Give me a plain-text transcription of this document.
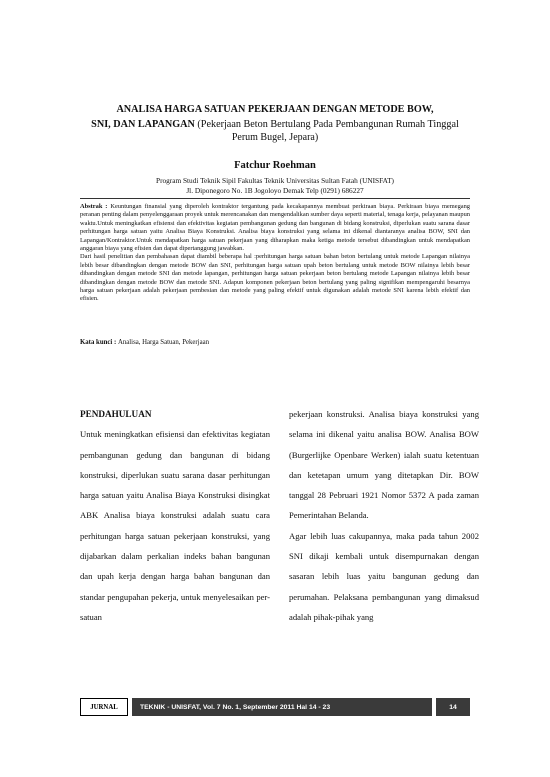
ANALISA HARGA SATUAN PEKERJAAN DENGAN METODE BOW,
SNI, DAN LAPANGAN (Pekerjaan Beton Bertulang Pada Pembangunan Rumah Tinggal
Perum Bugel, Jepara)
Fatchur Roehman
Program Studi Teknik Sipil Fakultas Teknik Universitas Sultan Fatah (UNISFAT)
Jl. Diponegoro No. 1B Jogoloyo Demak Telp (0291) 686227

Abstrak : Keuntungan finansial yang diperoleh kontraktor tergantung pada kecakapannya membuat perkiraan biaya. Perkiraan biaya memegang peranan penting dalam penyelenggaraan proyek untuk merencanakan dan mengendalikan sumber daya seperti material, tenaga kerja, pelayanan maupun waktu.Untuk meningkatkan efisiensi dan efektivitas kegiatan pembangunan gedung dan bangunan di bidang konstruksi, diperlukan suatu sarana dasar perhitungan harga satuan yaitu Analisa Biaya Konstruksi. Analisa biaya konstruksi yang selama ini dikenal diantaranya analisa BOW, SNI dan Lapangan/Kontraktor.Untuk mendapatkan harga satuan pekerjaan yang diharapkan maka ketiga metode tersebut dibandingkan untuk mendapatkan anggaran biaya yang efisien dan dapat dipertanggung jawabkan.

Dari hasil penelitian dan pembahasan dapat diambil beberapa hal :perhitungan harga satuan bahan beton bertulang untuk metode Lapangan nilainya lebih besar dibandingkan dengan metode BOW dan SNI, perhitungan harga satuan upah beton bertulang untuk metode BOW nilainya lebih besar dibandingkan dengan metode SNI dan metode lapangan, perhitungan harga satuan pekerjaan beton bertulang metode Lapangan nilainya lebih besar dibandingkan dengan metode BOW dan metode SNI. Adapun komponen pekerjaan beton bertulang yang paling signifikan mempengaruhi besarnya harga satuan pekerjaan adalah pekerjaan pembesian dan metode yang paling efektif untuk digunakan adalah metode SNI karena lebih efektif dan efisien.

Kata kunci : Analisa, Harga Satuan, Pekerjaan
PENDAHULUAN

Untuk meningkatkan efisiensi dan efektivitas kegiatan pembangunan gedung dan bangunan di bidang konstruksi, diperlukan suatu sarana dasar perhitungan harga satuan yaitu Analisa Biaya Konstruksi disingkat ABK Analisa biaya konstruksi adalah suatu cara perhitungan harga satuan pekerjaan konstruksi, yang dijabarkan dalam perkalian indeks bahan bangunan dan upah kerja dengan harga bahan bangunan dan standar pengupahan pekerja, untuk menyelesaikan per-satuan

pekerjaan konstruksi. Analisa biaya konstruksi yang selama ini dikenal yaitu analisa BOW. Analisa BOW (Burgerlijke Openbare Werken) ialah suatu ketentuan dan ketetapan umum yang ditetapkan Dir. BOW tanggal 28 Pebruari 1921 Nomor 5372 A pada zaman Pemerintahan Belanda.

Agar lebih luas cakupannya, maka pada tahun 2002 SNI dikaji kembali untuk disempurnakan dengan sasaran lebih luas yaitu bangunan gedung dan perumahan. Pelaksana pembangunan yang dimaksud adalah pihak-pihak yang

JURNAL	TEKNIK - UNISFAT, Vol. 7 No. 1, September 2011 Hal 14 - 23	14
